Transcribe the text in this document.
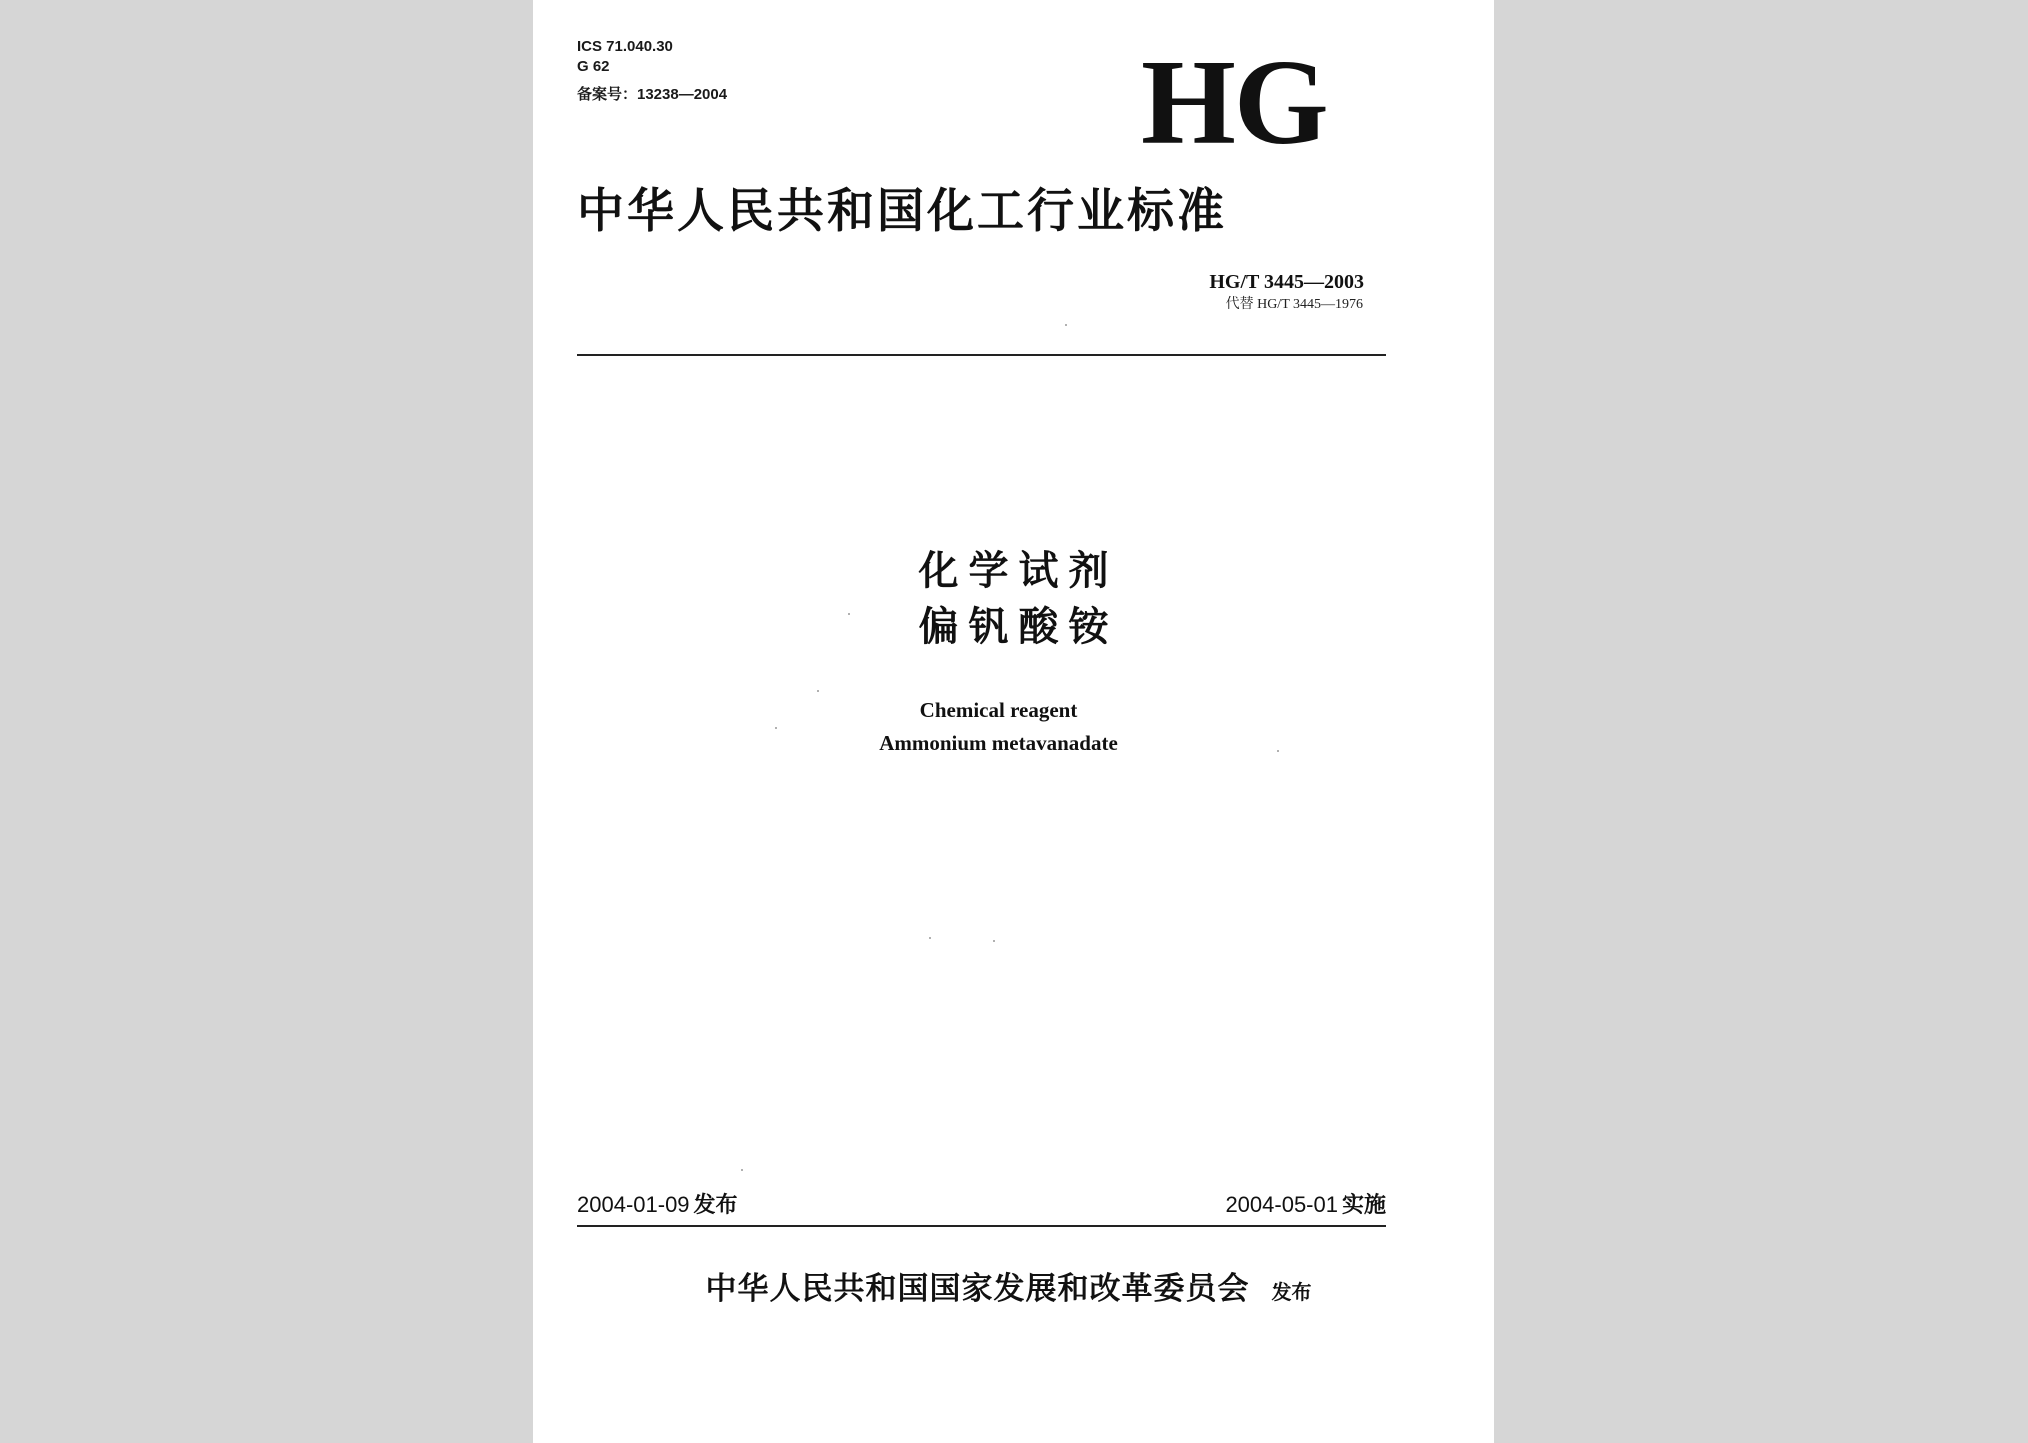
ICS 71.040.30
G 62
备案号：13238—2004	HG
中华人民共和国化工行业标准
HG/T 3445—2003
代替 HG/T 3445—1976
化学试剂
偏钒酸铵
Chemical reagent
Ammonium metavanadate
2004-01-09 发布	2004-05-01 实施
中华人民共和国国家发展和改革委员会 发布
